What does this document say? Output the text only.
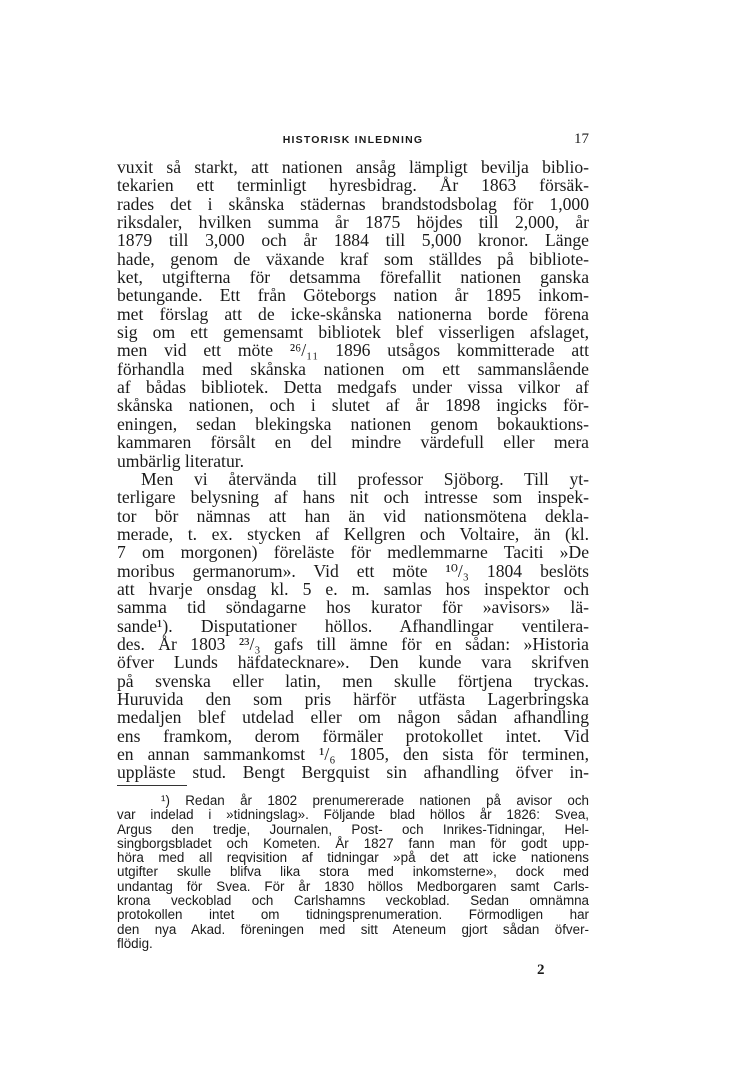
HISTORISK INLEDNING	17
vuxit så starkt, att nationen ansåg lämpligt bevilja biblio-
tekarien ett terminligt hyresbidrag. År 1863 försäk-
rades det i skånska städernas brandstodsbolag för 1,000
riksdaler, hvilken summa år 1875 höjdes till 2,000, år
1879 till 3,000 och år 1884 till 5,000 kronor. Länge
hade, genom de växande kraf som ställdes på bibliote-
ket, utgifterna för detsamma förefallit nationen ganska
betungande. Ett från Göteborgs nation år 1895 inkom-
met förslag att de icke-skånska nationerna borde förena
sig om ett gemensamt bibliotek blef visserligen afslaget,
men vid ett möte ²⁶/₁₁ 1896 utsågos kommitterade att
förhandla med skånska nationen om ett sammanslående
af bådas bibliotek. Detta medgafs under vissa vilkor af
skånska nationen, och i slutet af år 1898 ingicks för-
eningen, sedan blekingska nationen genom bokauktions-
kammaren försålt en del mindre värdefull eller mera
umbärlig literatur.
Men vi återvända till professor Sjöborg. Till yt-
terligare belysning af hans nit och intresse som inspek-
tor bör nämnas att han än vid nationsmötena dekla-
merade, t. ex. stycken af Kellgren och Voltaire, än (kl.
7 om morgonen) föreläste för medlemmarne Taciti »De
moribus germanorum». Vid ett möte ¹⁰/₃ 1804 beslöts
att hvarje onsdag kl. 5 e. m. samlas hos inspektor och
samma tid söndagarne hos kurator för »avisors» lä-
sande¹). Disputationer höllos. Afhandlingar ventilera-
des. År 1803 ²³/₃ gafs till ämne för en sådan: »Historia
öfver Lunds häfdatecknare». Den kunde vara skrifven
på svenska eller latin, men skulle förtjena tryckas.
Huruvida den som pris härför utfästa Lagerbringska
medaljen blef utdelad eller om någon sådan afhandling
ens framkom, derom förmäler protokollet intet. Vid
en annan sammankomst ¹/₆ 1805, den sista för terminen,
uppläste stud. Bengt Bergquist sin afhandling öfver in-
¹) Redan år 1802 prenumererade nationen på avisor och
var indelad i »tidningslag». Följande blad höllos år 1826: Svea,
Argus den tredje, Journalen, Post- och Inrikes-Tidningar, Hel-
singborgsbladet och Kometen. År 1827 fann man för godt upp-
höra med all reqvisition af tidningar »på det att icke nationens
utgifter skulle blifva lika stora med inkomsterne», dock med
undantag för Svea. För år 1830 höllos Medborgaren samt Carls-
krona veckoblad och Carlshamns veckoblad. Sedan omnämna
protokollen intet om tidningsprenumeration. Förmodligen har
den nya Akad. föreningen med sitt Ateneum gjort sådan öfver-
flödig.
2
